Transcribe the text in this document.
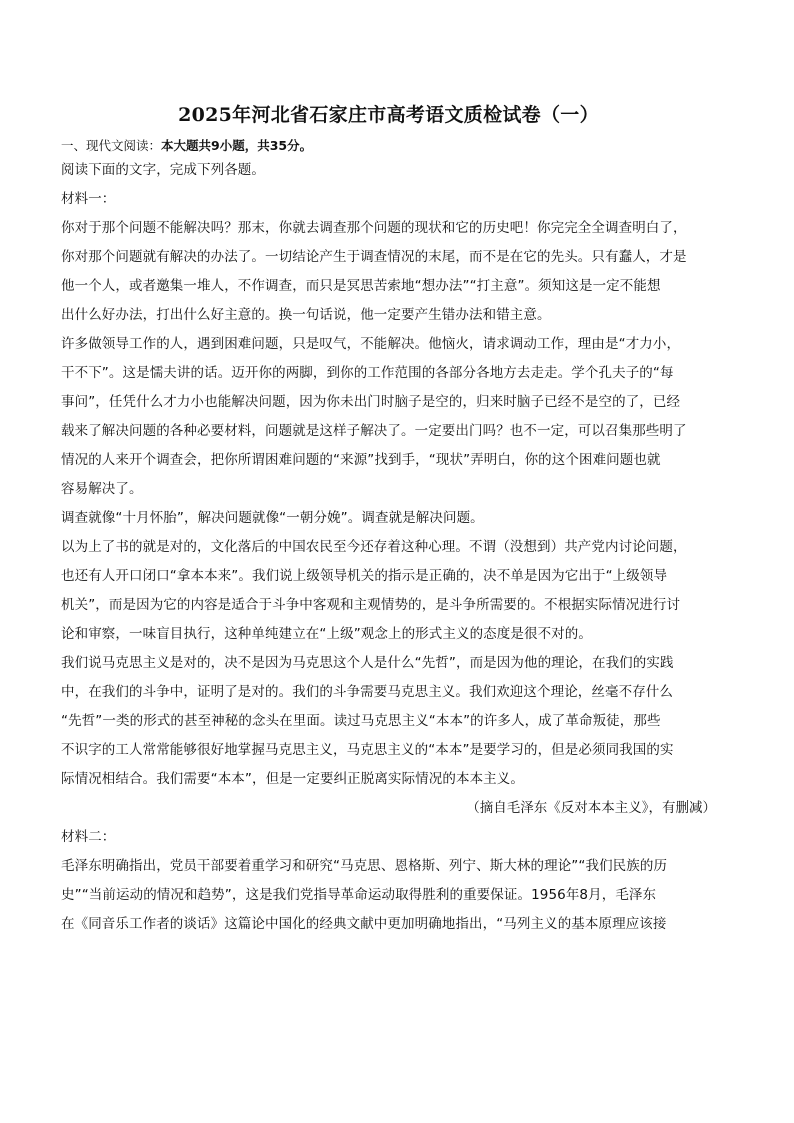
2025年河北省石家庄市高考语文质检试卷（一）
一、现代文阅读：本大题共9小题，共35分。

阅读下面的文字，完成下列各题。

材料一：

你对于那个问题不能解决吗？那末，你就去调查那个问题的现状和它的历史吧！你完完全全调查明白了，

你对那个问题就有解决的办法了。一切结论产生于调查情况的末尾，而不是在它的先头。只有蠢人，才是

他一个人，或者邀集一堆人，不作调查，而只是冥思苦索地“想办法”“打主意”。须知这是一定不能想

出什么好办法，打出什么好主意的。换一句话说，他一定要产生错办法和错主意。

许多做领导工作的人，遇到困难问题，只是叹气，不能解决。他恼火，请求调动工作，理由是“才力小，

干不下”。这是懦夫讲的话。迈开你的两脚，到你的工作范围的各部分各地方去走走。学个孔夫子的“每

事问”，任凭什么才力小也能解决问题，因为你未出门时脑子是空的，归来时脑子已经不是空的了，已经

载来了解决问题的各种必要材料，问题就是这样子解决了。一定要出门吗？也不一定，可以召集那些明了

情况的人来开个调查会，把你所谓困难问题的“来源”找到手，“现状”弄明白，你的这个困难问题也就

容易解决了。

调查就像“十月怀胎”，解决问题就像“一朝分娩”。调查就是解决问题。

以为上了书的就是对的，文化落后的中国农民至今还存着这种心理。不谓（没想到）共产党内讨论问题，

也还有人开口闭口“拿本本来”。我们说上级领导机关的指示是正确的，决不单是因为它出于“上级领导

机关”，而是因为它的内容是适合于斗争中客观和主观情势的，是斗争所需要的。不根据实际情况进行讨

论和审察，一味盲目执行，这种单纯建立在“上级”观念上的形式主义的态度是很不对的。

我们说马克思主义是对的，决不是因为马克思这个人是什么“先哲”，而是因为他的理论，在我们的实践

中，在我们的斗争中，证明了是对的。我们的斗争需要马克思主义。我们欢迎这个理论，丝毫不存什么

“先哲”一类的形式的甚至神秘的念头在里面。读过马克思主义“本本”的许多人，成了革命叛徒，那些

不识字的工人常常能够很好地掌握马克思主义，马克思主义的“本本”是要学习的，但是必须同我国的实

际情况相结合。我们需要“本本”，但是一定要纠正脱离实际情况的本本主义。

（摘自毛泽东《反对本本主义》，有删减）

材料二：

毛泽东明确指出，党员干部要着重学习和研究“马克思、恩格斯、列宁、斯大林的理论”“我们民族的历

史”“当前运动的情况和趋势”，这是我们党指导革命运动取得胜利的重要保证。1956年8月，毛泽东

在《同音乐工作者的谈话》这篇论中国化的经典文献中更加明确地指出，“马列主义的基本原理应该接
